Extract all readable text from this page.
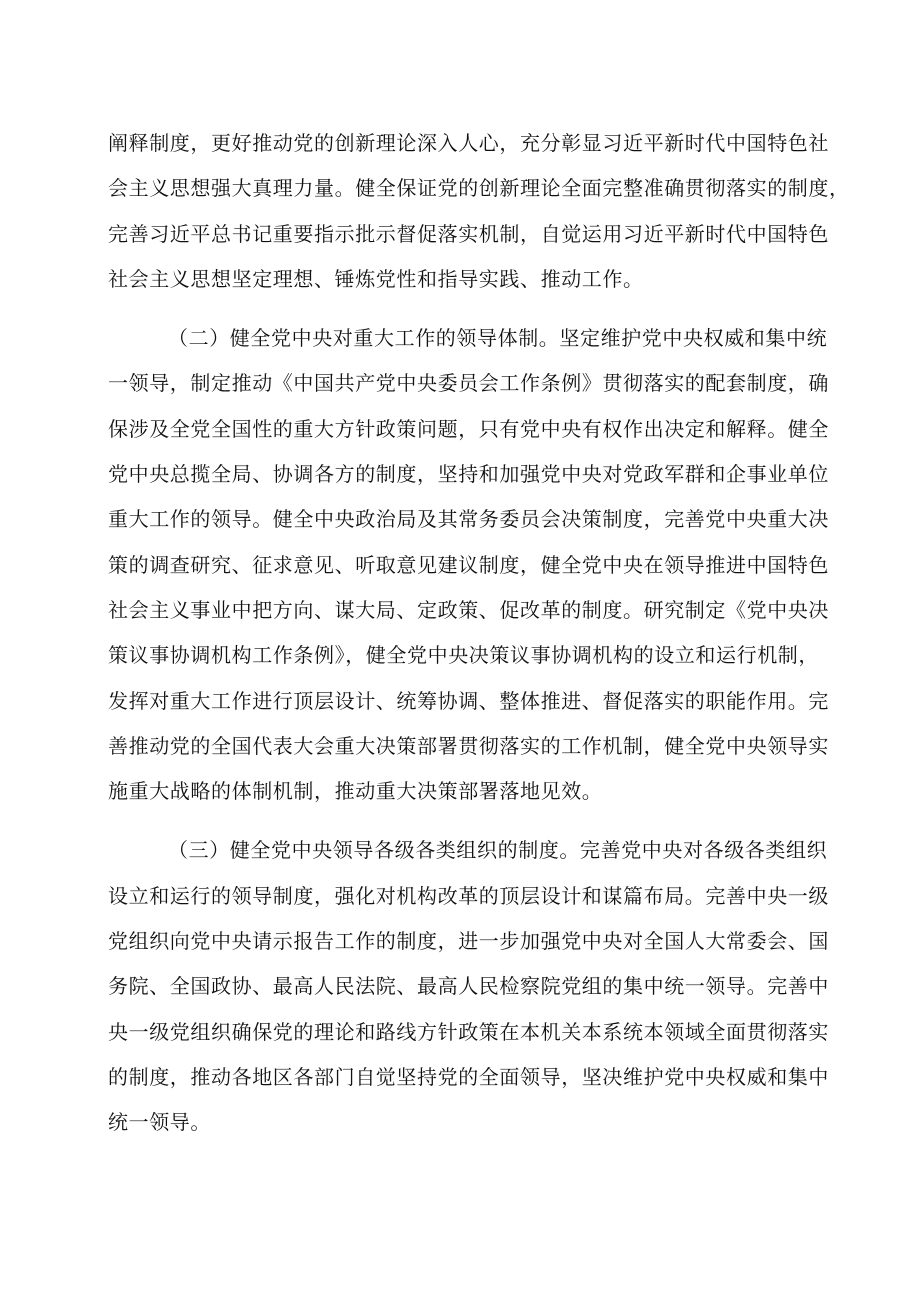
阐释制度，更好推动党的创新理论深入人心，充分彰显习近平新时代中国特色社
会主义思想强大真理力量。健全保证党的创新理论全面完整准确贯彻落实的制度，
完善习近平总书记重要指示批示督促落实机制，自觉运用习近平新时代中国特色
社会主义思想坚定理想、锤炼党性和指导实践、推动工作。
（二）健全党中央对重大工作的领导体制。坚定维护党中央权威和集中统
一领导，制定推动《中国共产党中央委员会工作条例》贯彻落实的配套制度，确
保涉及全党全国性的重大方针政策问题，只有党中央有权作出决定和解释。健全
党中央总揽全局、协调各方的制度，坚持和加强党中央对党政军群和企事业单位
重大工作的领导。健全中央政治局及其常务委员会决策制度，完善党中央重大决
策的调查研究、征求意见、听取意见建议制度，健全党中央在领导推进中国特色
社会主义事业中把方向、谋大局、定政策、促改革的制度。研究制定《党中央决
策议事协调机构工作条例》，健全党中央决策议事协调机构的设立和运行机制，
发挥对重大工作进行顶层设计、统筹协调、整体推进、督促落实的职能作用。完
善推动党的全国代表大会重大决策部署贯彻落实的工作机制，健全党中央领导实
施重大战略的体制机制，推动重大决策部署落地见效。
（三）健全党中央领导各级各类组织的制度。完善党中央对各级各类组织
设立和运行的领导制度，强化对机构改革的顶层设计和谋篇布局。完善中央一级
党组织向党中央请示报告工作的制度，进一步加强党中央对全国人大常委会、国
务院、全国政协、最高人民法院、最高人民检察院党组的集中统一领导。完善中
央一级党组织确保党的理论和路线方针政策在本机关本系统本领域全面贯彻落实
的制度，推动各地区各部门自觉坚持党的全面领导，坚决维护党中央权威和集中
统一领导。
